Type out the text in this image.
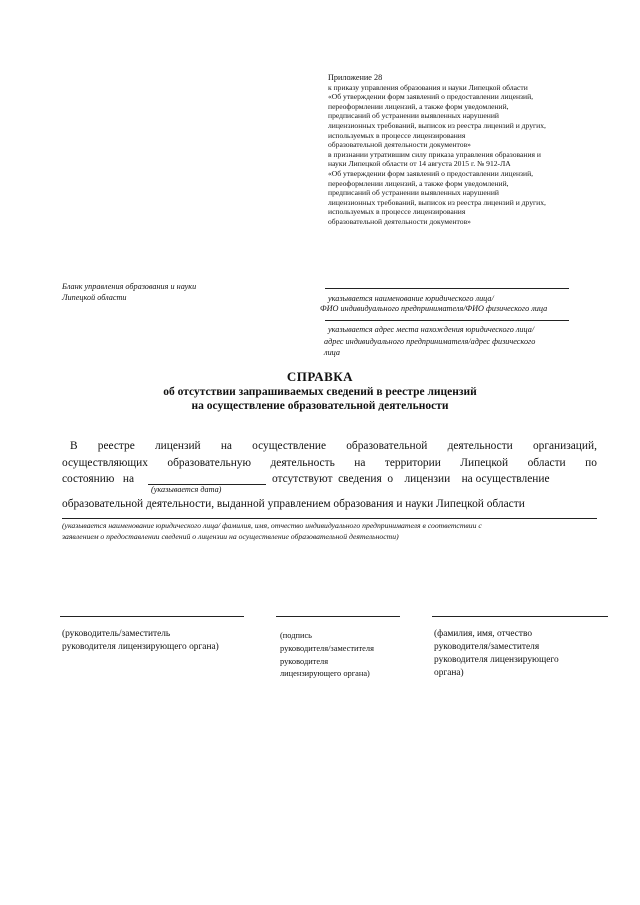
Приложение 28
к приказу управления образования и науки Липецкой области
«Об утверждении форм заявлений о предоставлении лицензий,
переоформлении лицензий, а также форм уведомлений,
предписаний об устранении выявленных нарушений
лицензионных требований, выписок из реестра лицензий и других,
используемых в процессе лицензирования
образовательной деятельности документов»
в признании утратившим силу приказа управления образования и
науки Липецкой области от 14 августа 2015 г. № 912-ЛА
«Об утверждении форм заявлений о предоставлении лицензий,
переоформлении лицензий, а также форм уведомлений,
предписаний об устранении выявленных нарушений
лицензионных требований, выписок из реестра лицензий и других,
используемых в процессе лицензирования
образовательной деятельности документов»
Бланк управления образования и науки
Липецкой области	указывается наименование юридического лица/
ФИО индивидуального предпринимателя/ФИО физического лица
указывается адрес места нахождения юридического лица/
адрес индивидуального предпринимателя/адрес физического
лица
СПРАВКА
об отсутствии запрашиваемых сведений в реестре лицензий
на осуществление образовательной деятельности
В реестре лицензий на осуществление образовательной деятельности организаций,
осуществляющих образовательную деятельность на территории Липецкой области по
состоянию   на	отсутствуют  сведения  о    лицензии    на осуществление
(указывается дата)
образовательной деятельности, выданной управлением образования и науки Липецкой области
(указывается наименование юридического лица/ фамилия, имя, отчество индивидуального предпринимателя в соответствии с
заявлением о предоставлении сведений о лицензии на осуществление образовательной деятельности)
(руководитель/заместитель
руководителя лицензирующего органа)
(подпись
руководителя/заместителя
руководителя
лицензирующего органа)
(фамилия, имя, отчество
руководителя/заместителя
руководителя лицензирующего
органа)
